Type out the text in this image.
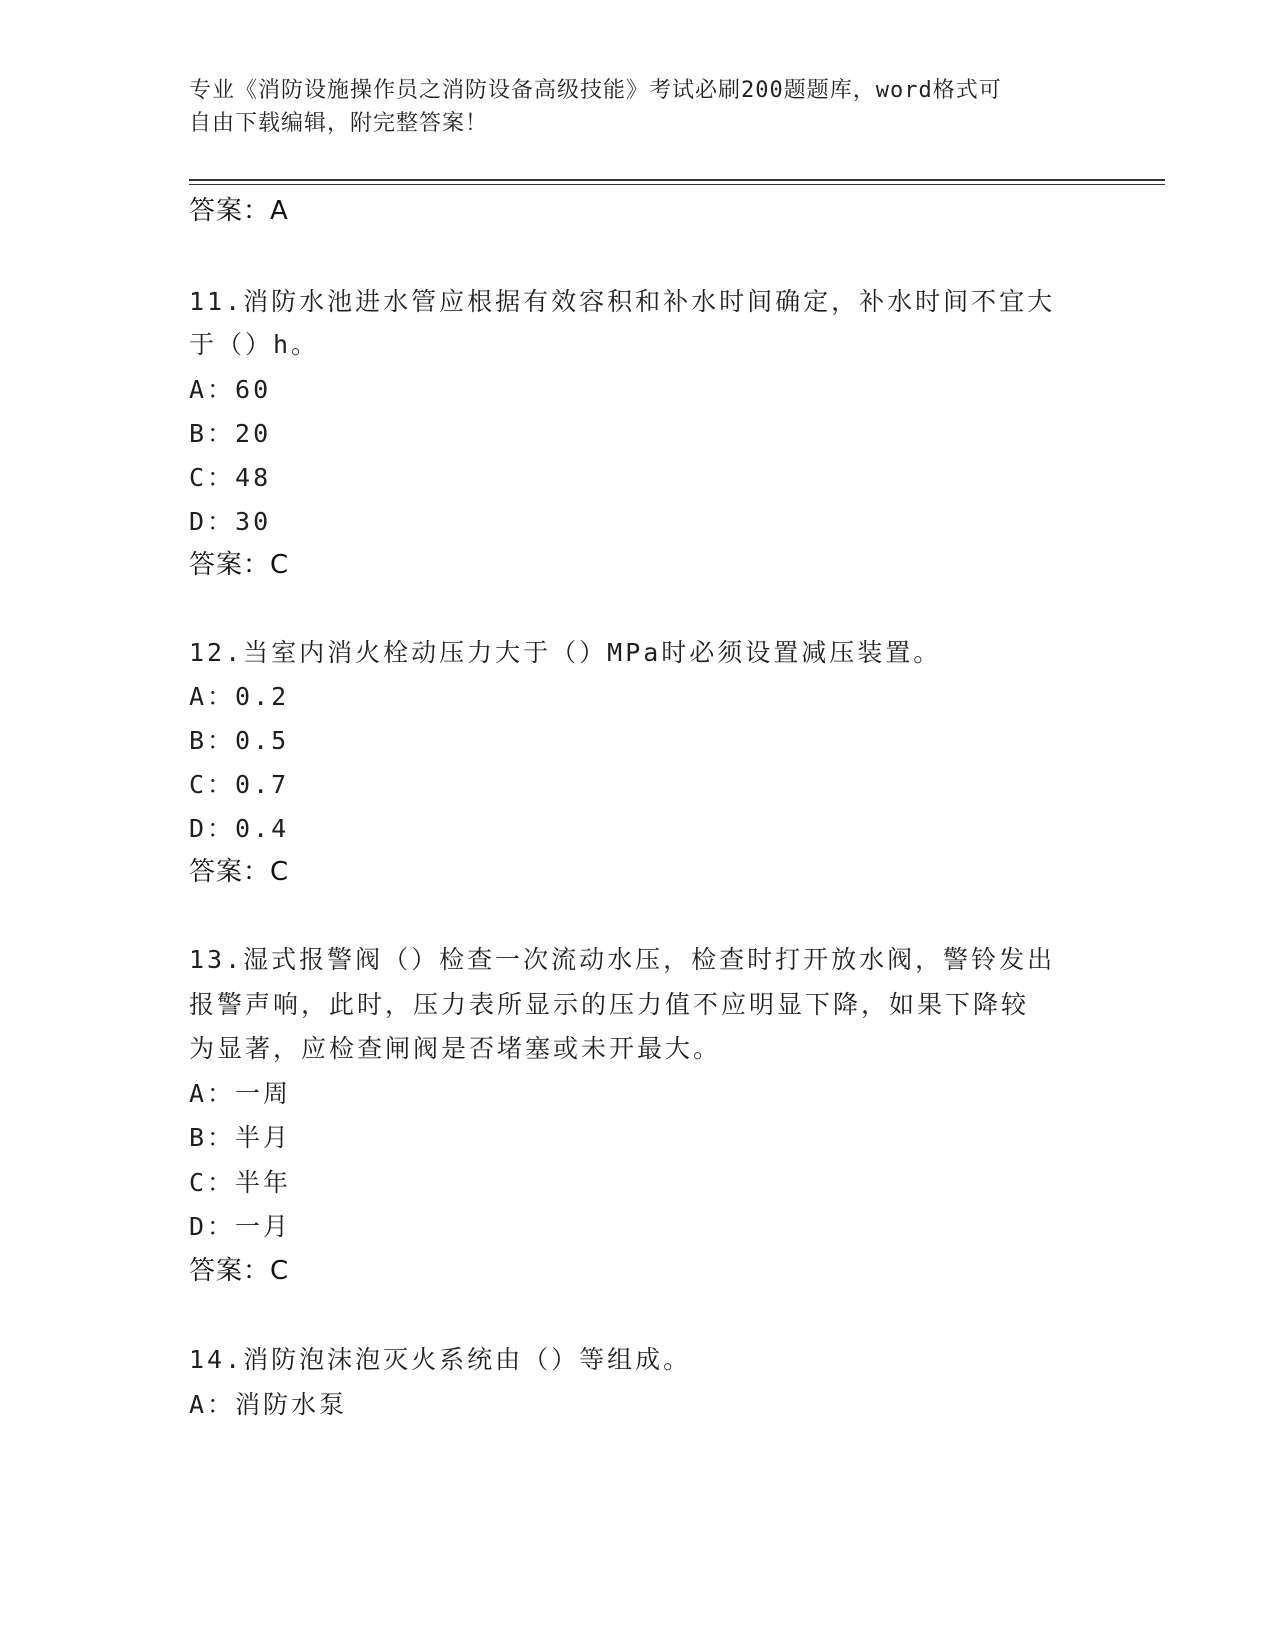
专业《消防设施操作员之消防设备高级技能》考试必刷200题题库，word格式可
自由下载编辑，附完整答案！
答案：A
11.消防水池进水管应根据有效容积和补水时间确定，补水时间不宜大
于（）h。
A：60
B：20
C：48
D：30
答案：C
12.当室内消火栓动压力大于（）MPa时必须设置减压装置。
A：0.2
B：0.5
C：0.7
D：0.4
答案：C
13.湿式报警阀（）检查一次流动水压，检查时打开放水阀，警铃发出
报警声响，此时，压力表所显示的压力值不应明显下降，如果下降较
为显著，应检查闸阀是否堵塞或未开最大。
A：一周
B：半月
C：半年
D：一月
答案：C
14.消防泡沫泡灭火系统由（）等组成。
A：消防水泵
